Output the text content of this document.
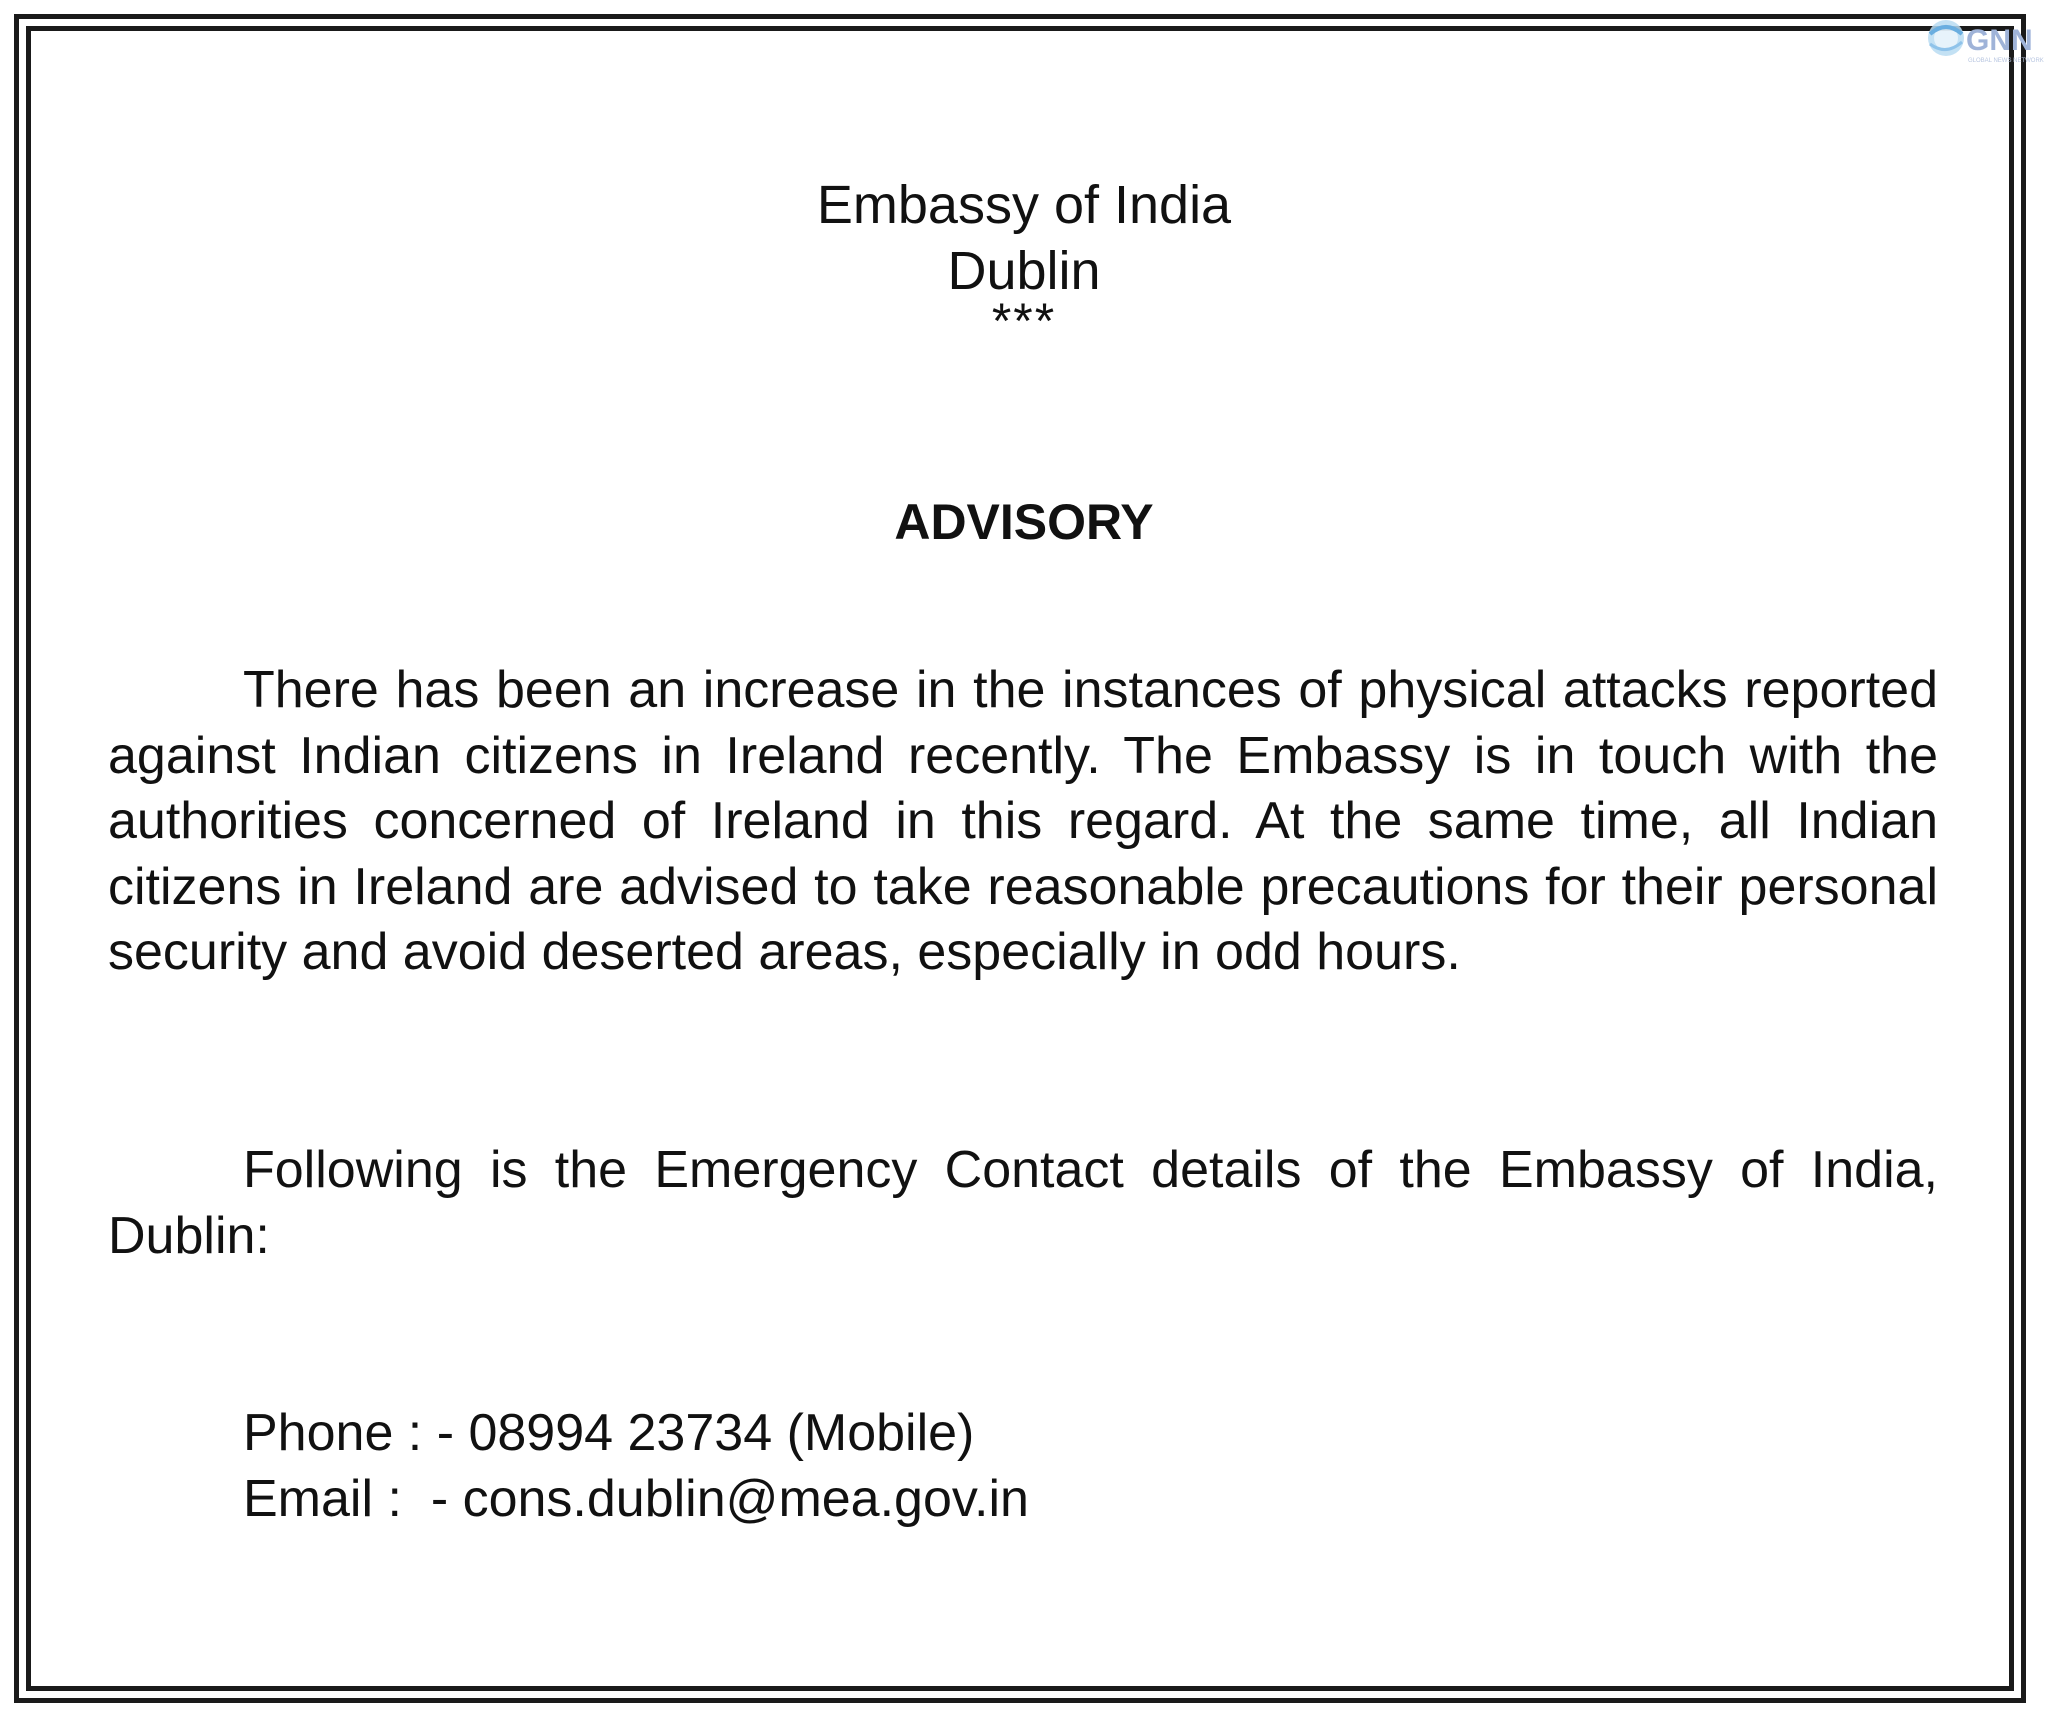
GNN
GLOBAL NEWS NETWORK
Embassy of India
Dublin
***
ADVISORY

There has been an increase in the instances of physical attacks reported against Indian citizens in Ireland recently. The Embassy is in touch with the authorities concerned of Ireland in this regard. At the same time, all Indian citizens in Ireland are advised to take reasonable precautions for their personal security and avoid deserted areas, especially in odd hours.

Following is the Emergency Contact details of the Embassy of India, Dublin:

Phone : - 08994 23734 (Mobile)

Email :  - cons.dublin@mea.gov.in
